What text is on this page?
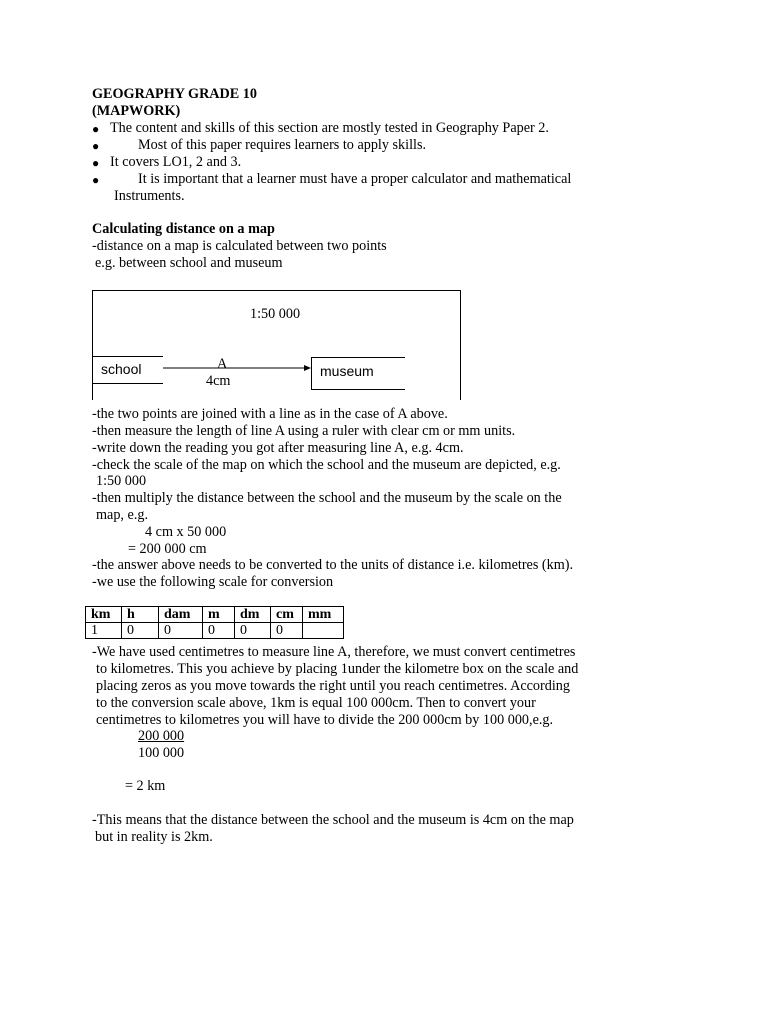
GEOGRAPHY GRADE 10
(MAPWORK)
● The content and skills of this section are mostly tested in Geography Paper 2.
●	Most of this paper requires learners to apply skills.
● It covers LO1, 2 and 3.
●	It is important that a learner must have a proper calculator and mathematical
Instruments.
Calculating distance on a map
-distance on a map is calculated between two points
e.g. between school and museum
1:50 000
school	museum
A
4cm
-the two points are joined with a line as in the case of A above.
-then measure the length of line A using a ruler with clear cm or mm units.
-write down the reading you got after measuring line A, e.g. 4cm.
-check the scale of the map on which the school and the museum are depicted, e.g.
1:50 000
-then multiply the distance between the school and the museum by the scale on the
map, e.g.
4 cm x 50 000
= 200 000 cm
-the answer above needs to be converted to the units of distance i.e. kilometres (km).
-we use the following scale for conversion
km	h	dam	m	dm	cm	mm
1	0	0	0	0	0	
-We have used centimetres to measure line A, therefore, we must convert centimetres
to kilometres. This you achieve by placing 1under the kilometre box on the scale and
placing zeros as you move towards the right until you reach centimetres. According
to the conversion scale above, 1km is equal 100 000cm. Then to convert your
centimetres to kilometres you will have to divide the 200 000cm by 100 000,e.g.
200 000
100 000
= 2 km
-This means that the distance between the school and the museum is 4cm on the map
but in reality is 2km.
